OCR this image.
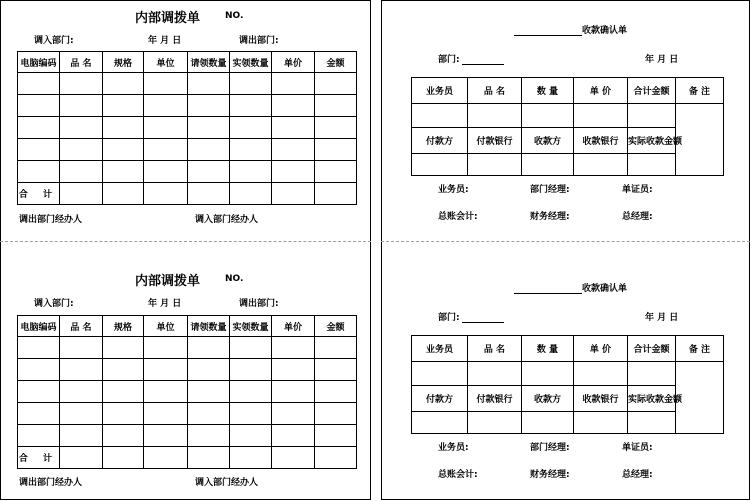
内部调拨单	NO.
调入部门:	年 月 日	调出部门:
电脑编码	品 名	规格	单位	请领数量	实领数量	单价	金额

合 计							
调出部门经办人	调入部门经办人
内部调拨单	NO.
调入部门:	年 月 日	调出部门:
电脑编码	品 名	规格	单位	请领数量	实领数量	单价	金额

合 计							
调出部门经办人	调入部门经办人
收款确认单
部门:	年 月 日
业务员	品 名	数 量	单 价	合计金额	备 注

付款方	付款银行	收款方	收款银行	实际收款金额	

业务员:	部门经理:	单证员:
总账会计:	财务经理:	总经理:
收款确认单
部门:	年 月 日
业务员	品 名	数 量	单 价	合计金额	备 注

付款方	付款银行	收款方	收款银行	实际收款金额	

业务员:	部门经理:	单证员:
总账会计:	财务经理:	总经理:
